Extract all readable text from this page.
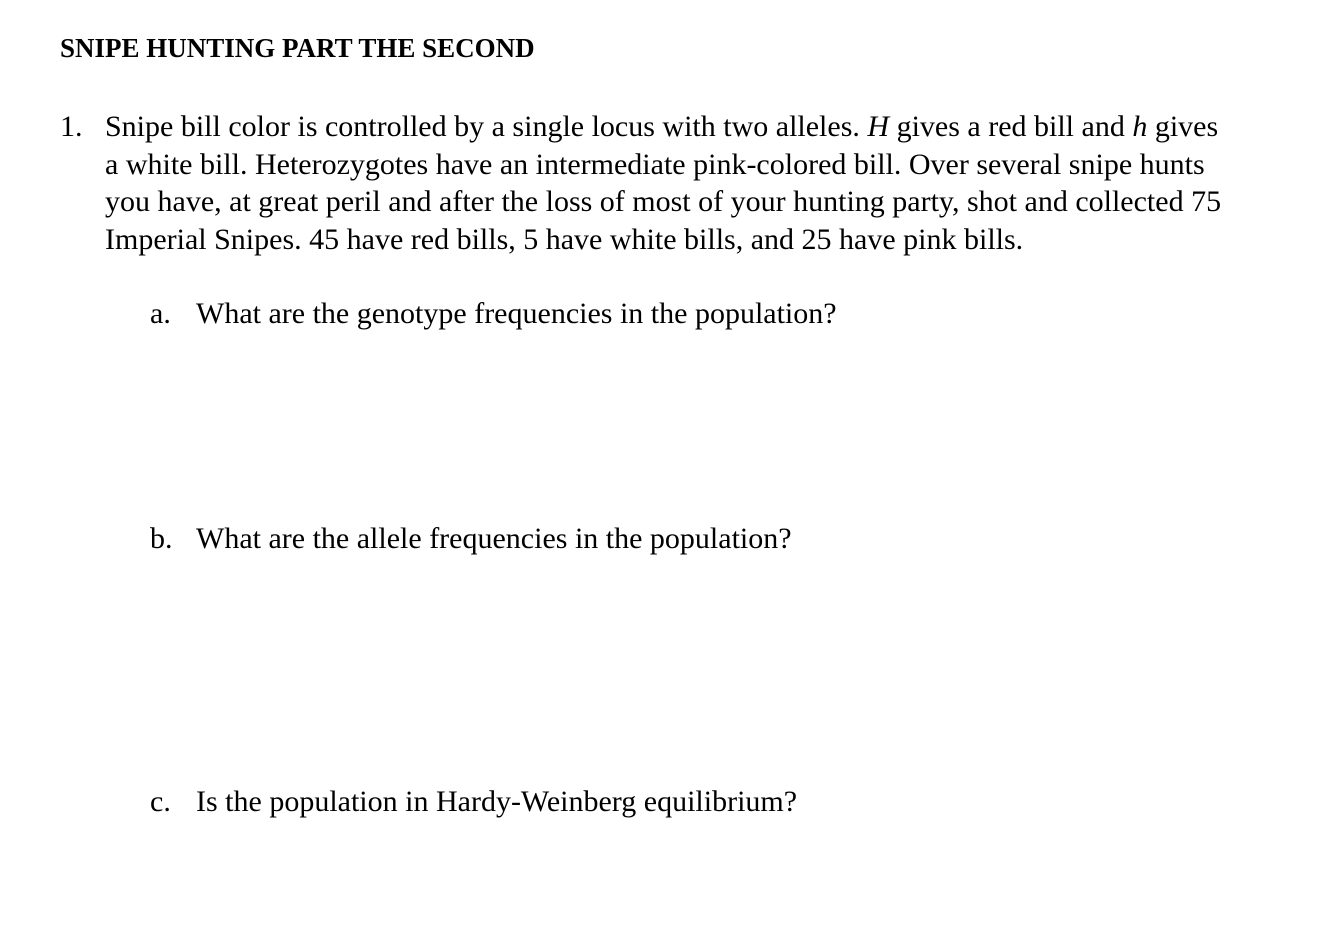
SNIPE HUNTING PART THE SECOND
1. Snipe bill color is controlled by a single locus with two alleles. H gives a red bill and h gives
a white bill. Heterozygotes have an intermediate pink-colored bill. Over several snipe hunts
you have, at great peril and after the loss of most of your hunting party, shot and collected 75
Imperial Snipes. 45 have red bills, 5 have white bills, and 25 have pink bills.
a. What are the genotype frequencies in the population?
b. What are the allele frequencies in the population?
c. Is the population in Hardy-Weinberg equilibrium?
